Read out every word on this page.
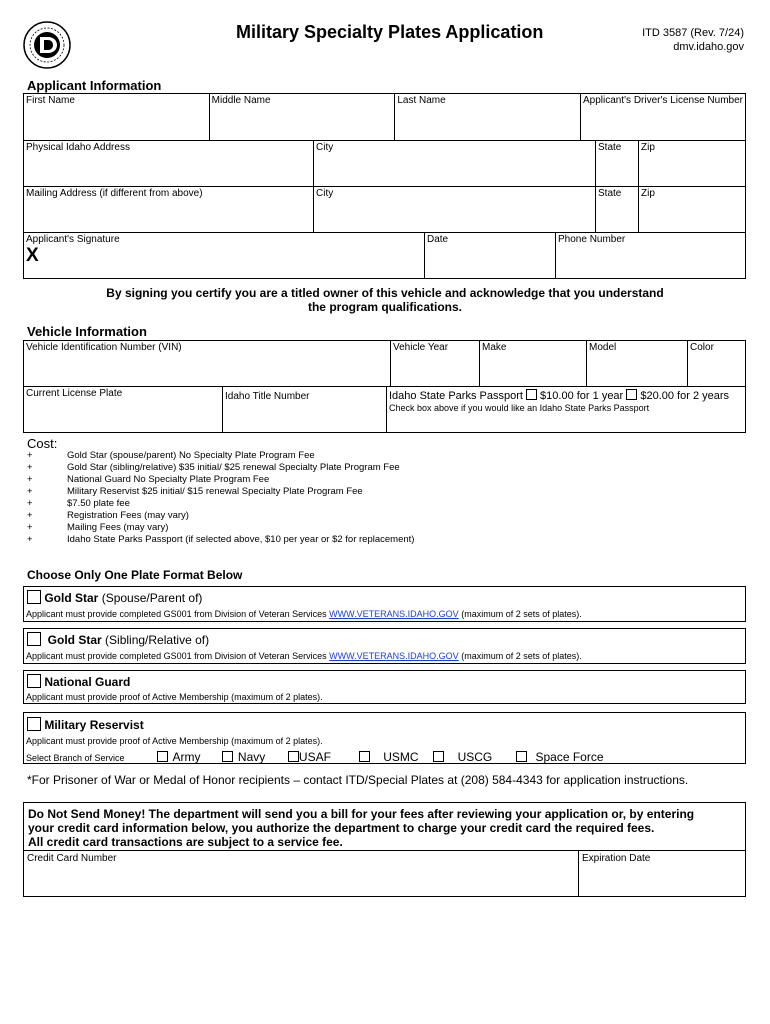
Military Specialty Plates Application	ITD 3587 (Rev. 7/24)
dmv.idaho.gov
Applicant Information
First Name	Middle Name	Last Name	Applicant's Driver's License Number
Physical Idaho Address	City	State	Zip
Mailing Address (if different from above)	City	State	Zip
Applicant's Signature
X	Date	Phone Number
By signing you certify you are a titled owner of this vehicle and acknowledge that you understand
the program qualifications.
Vehicle Information
Vehicle Identification Number (VIN)	Vehicle Year	Make	Model	Color
Current License Plate	Idaho Title Number	Idaho State Parks Passport $10.00 for 1 year $20.00 for 2 years
Check box above if you would like an Idaho State Parks Passport
Cost:
+	Gold Star (spouse/parent) No Specialty Plate Program Fee
+	Gold Star (sibling/relative) $35 initial/ $25 renewal Specialty Plate Program Fee
+	National Guard No Specialty Plate Program Fee
+	Military Reservist $25 initial/ $15 renewal Specialty Plate Program Fee
+	$7.50 plate fee
+	Registration Fees (may vary)
+	Mailing Fees (may vary)
+	Idaho State Parks Passport (if selected above, $10 per year or $2 for replacement)
Choose Only One Plate Format Below
Gold Star (Spouse/Parent of)
Applicant must provide completed GS001 from Division of Veteran Services WWW.VETERANS.IDAHO.GOV (maximum of 2 sets of plates).
Gold Star (Sibling/Relative of)
Applicant must provide completed GS001 from Division of Veteran Services WWW.VETERANS.IDAHO.GOV (maximum of 2 sets of plates).
National Guard
Applicant must provide proof of Active Membership (maximum of 2 plates).
Military Reservist
Applicant must provide proof of Active Membership (maximum of 2 plates).
Select Branch of Service	Army	Navy	USAF	USMC	USCG	Space Force
*For Prisoner of War or Medal of Honor recipients – contact ITD/Special Plates at (208) 584-4343 for application instructions.
Do Not Send Money! The department will send you a bill for your fees after reviewing your application or, by entering
your credit card information below, you authorize the department to charge your credit card the required fees.
All credit card transactions are subject to a service fee.
Credit Card Number	Expiration Date
